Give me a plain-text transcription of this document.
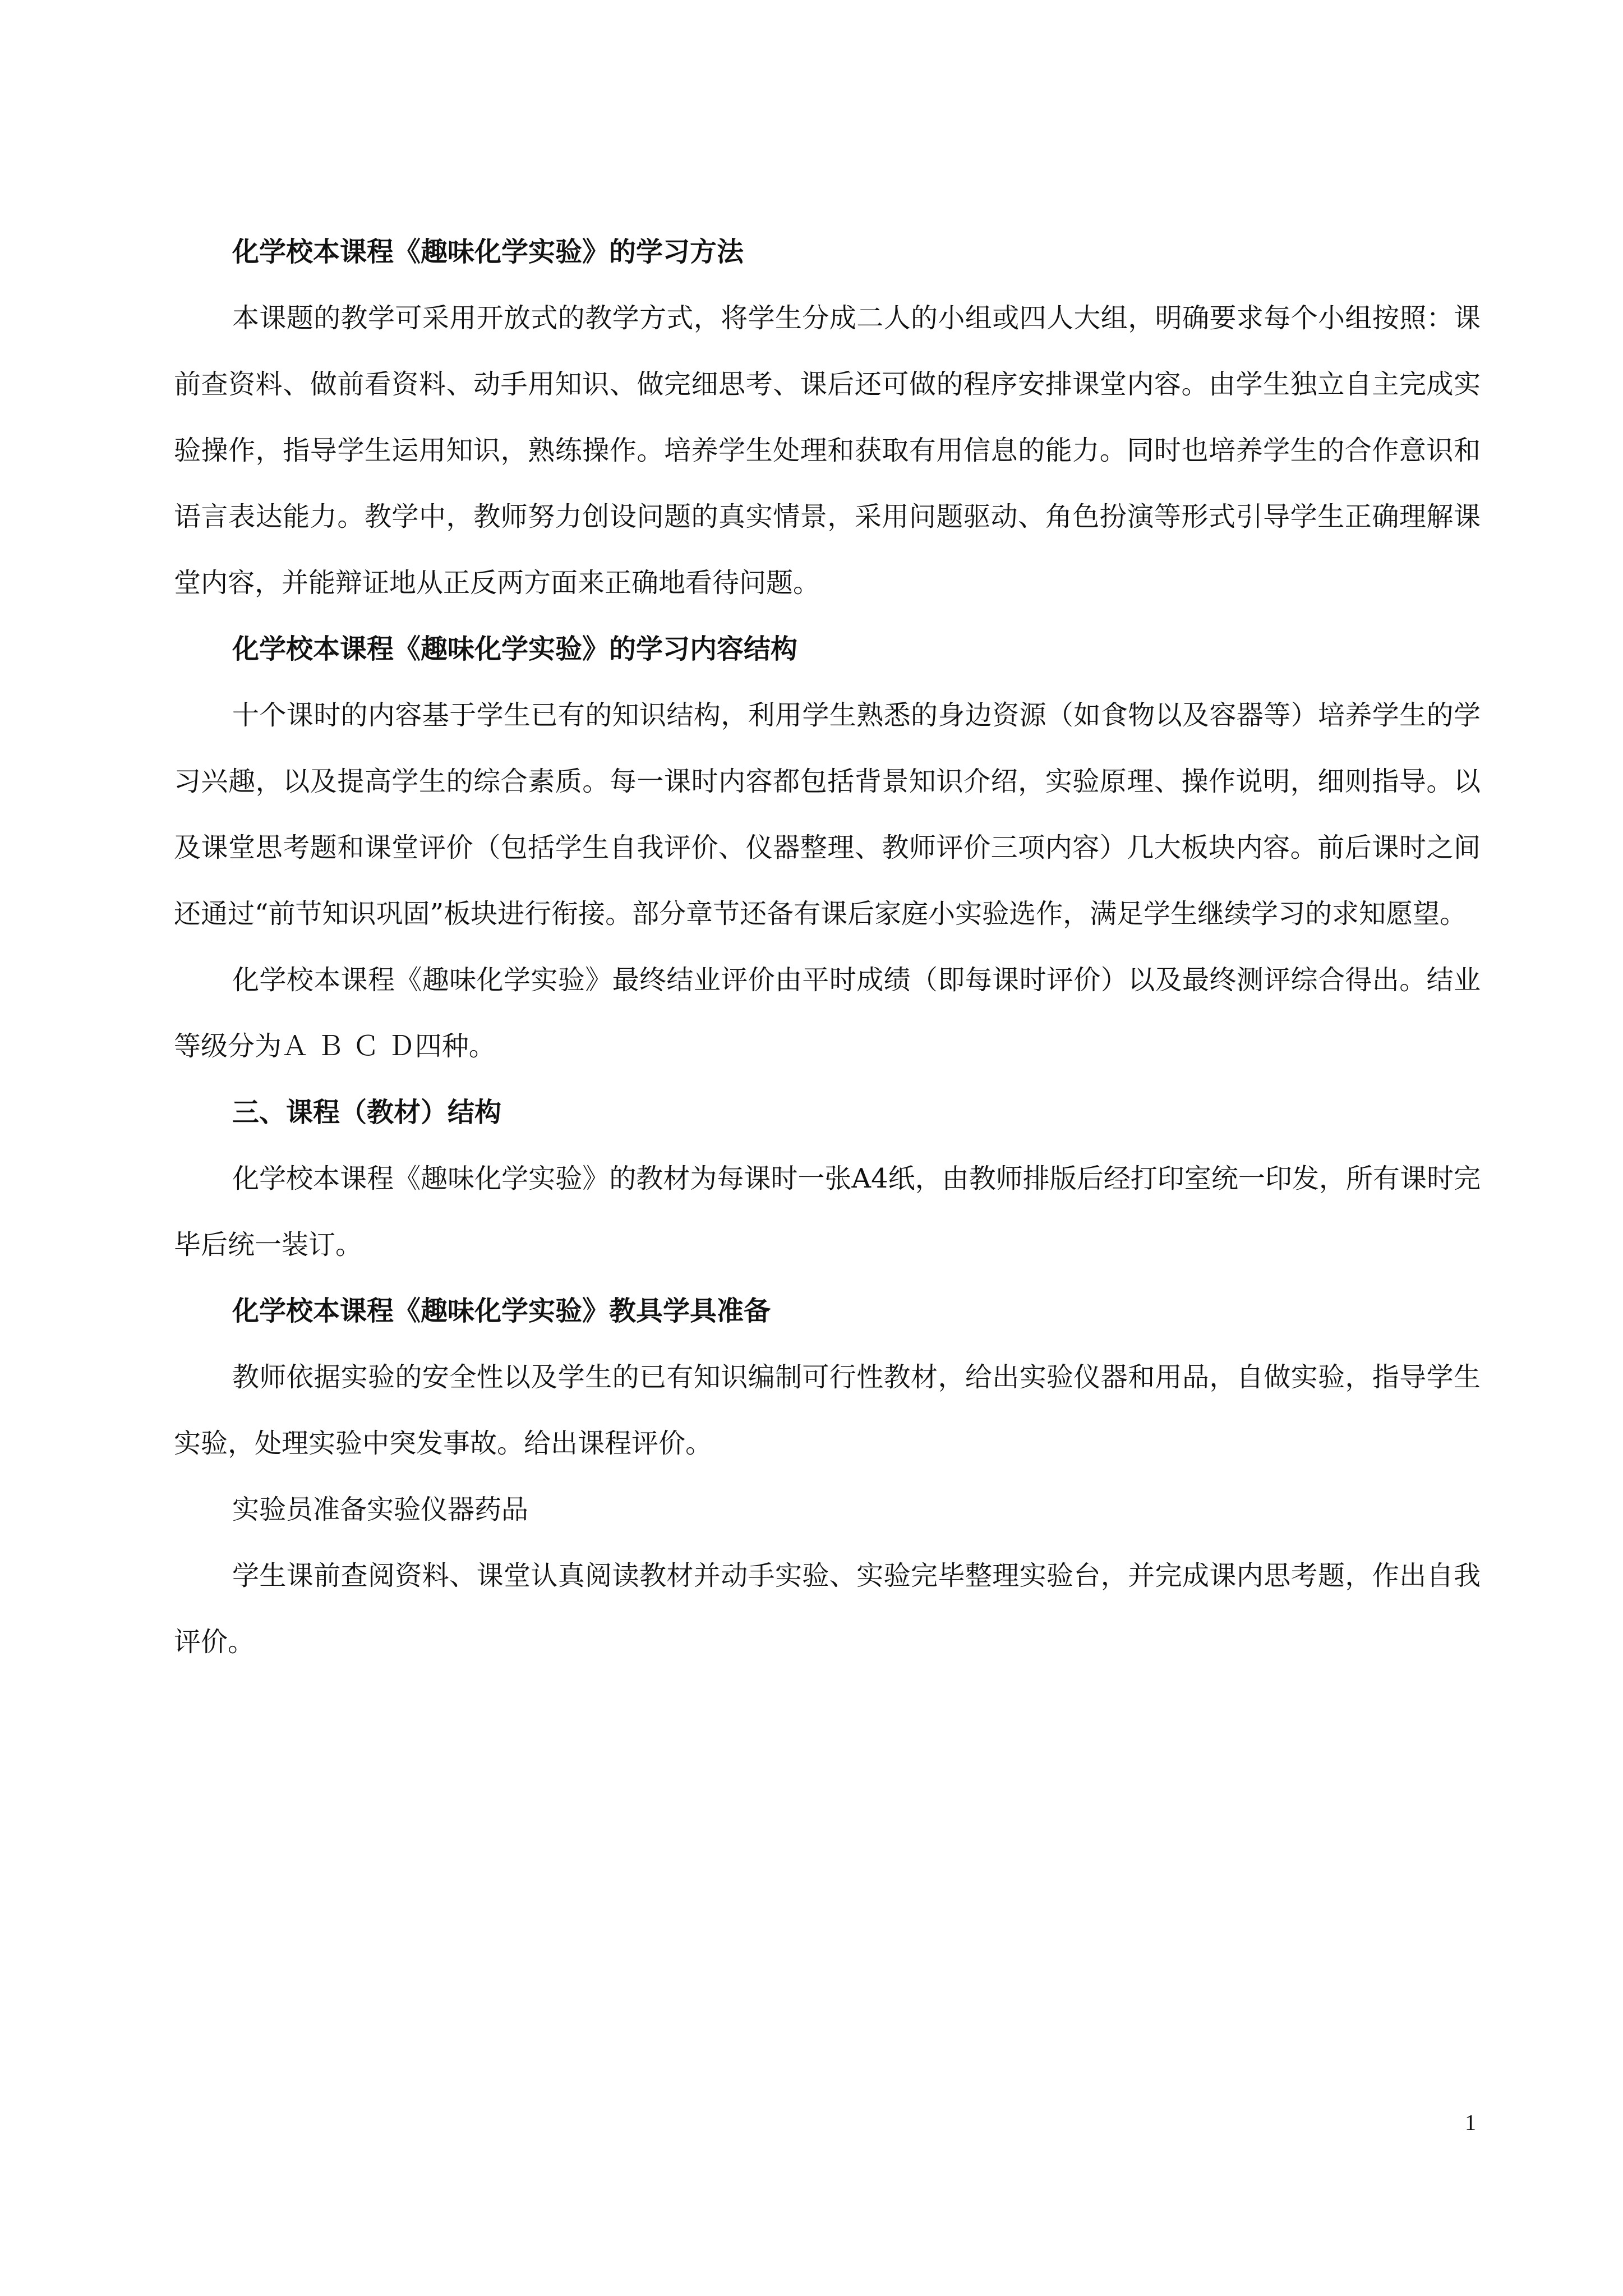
化学校本课程《趣味化学实验》的学习方法

本课题的教学可采用开放式的教学方式，将学生分成二人的小组或四人大组，明确要求每个小组按照：课前查资料、做前看资料、动手用知识、做完细思考、课后还可做的程序安排课堂内容。由学生独立自主完成实验操作，指导学生运用知识，熟练操作。培养学生处理和获取有用信息的能力。同时也培养学生的合作意识和语言表达能力。教学中，教师努力创设问题的真实情景，采用问题驱动、角色扮演等形式引导学生正确理解课堂内容，并能辩证地从正反两方面来正确地看待问题。

化学校本课程《趣味化学实验》的学习内容结构

十个课时的内容基于学生已有的知识结构，利用学生熟悉的身边资源（如食物以及容器等）培养学生的学习兴趣，以及提高学生的综合素质。每一课时内容都包括背景知识介绍，实验原理、操作说明，细则指导。以及课堂思考题和课堂评价（包括学生自我评价、仪器整理、教师评价三项内容）几大板块内容。前后课时之间还通过“前节知识巩固”板块进行衔接。部分章节还备有课后家庭小实验选作，满足学生继续学习的求知愿望。

化学校本课程《趣味化学实验》最终结业评价由平时成绩（即每课时评价）以及最终测评综合得出。结业等级分为Ａ Ｂ Ｃ Ｄ四种。

三、课程（教材）结构

化学校本课程《趣味化学实验》的教材为每课时一张A4纸，由教师排版后经打印室统一印发，所有课时完毕后统一装订。

化学校本课程《趣味化学实验》教具学具准备

教师依据实验的安全性以及学生的已有知识编制可行性教材，给出实验仪器和用品，自做实验，指导学生实验，处理实验中突发事故。给出课程评价。

实验员准备实验仪器药品

学生课前查阅资料、课堂认真阅读教材并动手实验、实验完毕整理实验台，并完成课内思考题，作出自我评价。

1
